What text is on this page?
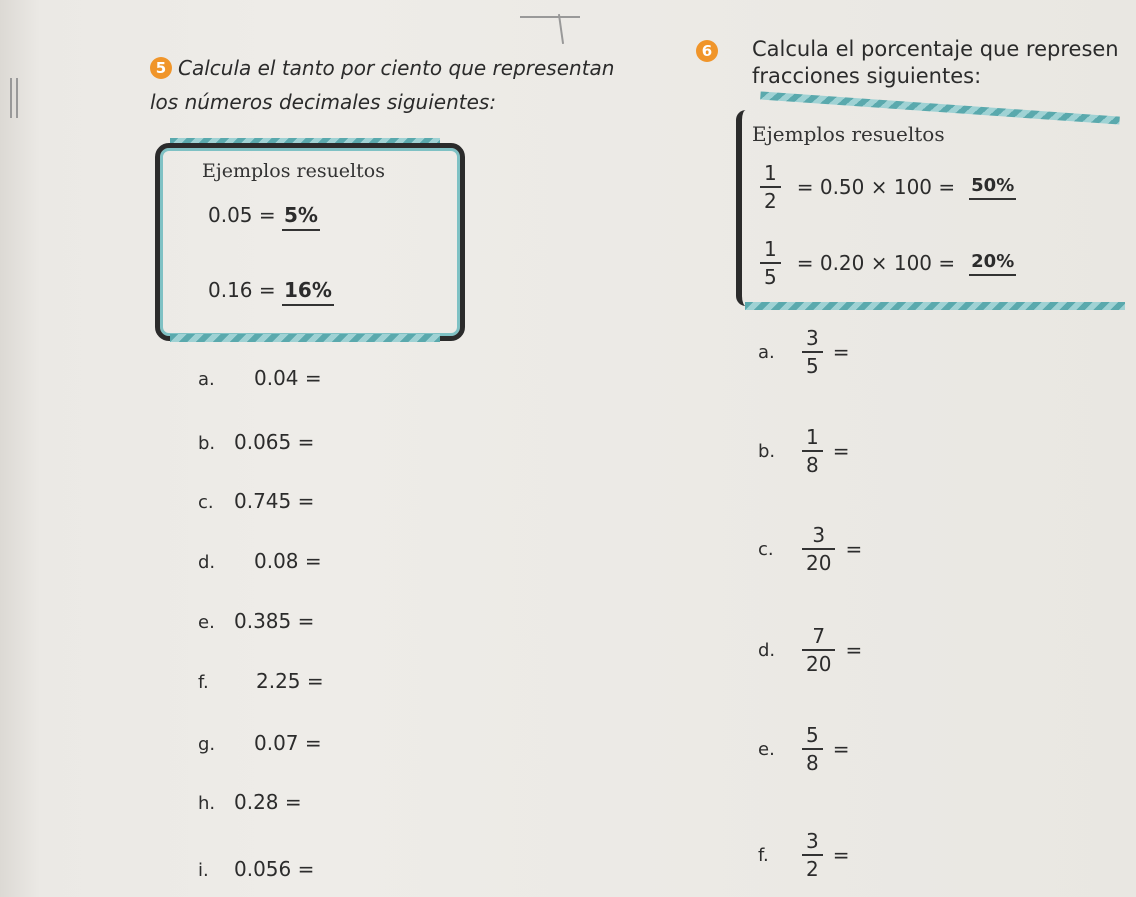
5 Calcula el tanto por ciento que representan
los números decimales siguientes:
Ejemplos resueltos
0.05 = 5%
0.16 = 16%
a. 0.04 =
b. 0.065 =
c. 0.745 =
d. 0.08 =
e. 0.385 =
f. 2.25 =
g. 0.07 =
h. 0.28 =
i. 0.056 =
6 Calcula el porcentaje que represen
fracciones siguientes:
Ejemplos resueltos
$\frac{1}{2} = 0.50 \times 100 = 50\%$
$\frac{1}{5} = 0.20 \times 100 = 20\%$
a.	$\frac{3}{5}$ =
b.	$\frac{1}{8}$ =
c.	$\frac{3}{20}$ =
d.	$\frac{7}{20}$ =
e.	$\frac{5}{8}$ =
f.	$\frac{3}{2}$ =
